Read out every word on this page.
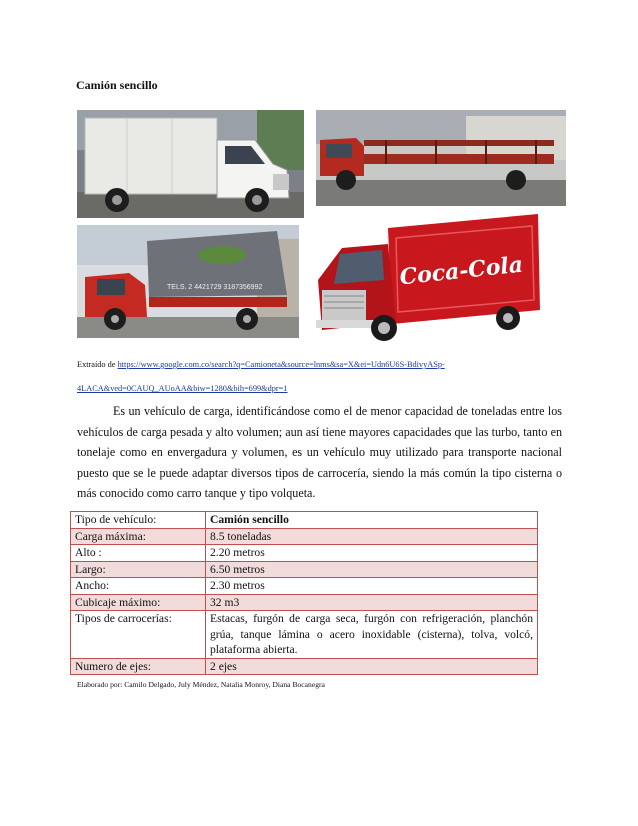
Camión sencillo
TELS. 2 4421729 3187356992	Coca-Cola
Extraído de https://www.google.com.co/search?q=Camioneta&source=lnms&sa=X&ei=Udn6U6S-BdivyASp-4LACA&ved=0CAUQ_AUoAA&biw=1280&bih=699&dpr=1

Es un vehículo de carga, identificándose como el de menor capacidad de toneladas entre los vehículos de carga pesada y alto volumen; aun así tiene mayores capacidades que las turbo, tanto en tonelaje como en envergadura y volumen, es un vehículo muy utilizado para transporte nacional puesto que se le puede adaptar diversos tipos de carrocería, siendo la más común la tipo cisterna o más conocido como carro tanque y tipo volqueta.

Tipo de vehículo:	Camión sencillo
Carga máxima:	8.5 toneladas
Alto :	2.20 metros
Largo:	6.50 metros
Ancho:	2.30 metros
Cubicaje máximo:	32 m3
Tipos de carrocerías:	Estacas, furgón de carga seca, furgón con refrigeración, planchón grúa, tanque lámina o acero inoxidable (cisterna), tolva, volcó, plataforma abierta.
Numero de ejes:	2 ejes
Elaborado por: Camilo Delgado, July Méndez, Natalia Monroy, Diana Bocanegra
